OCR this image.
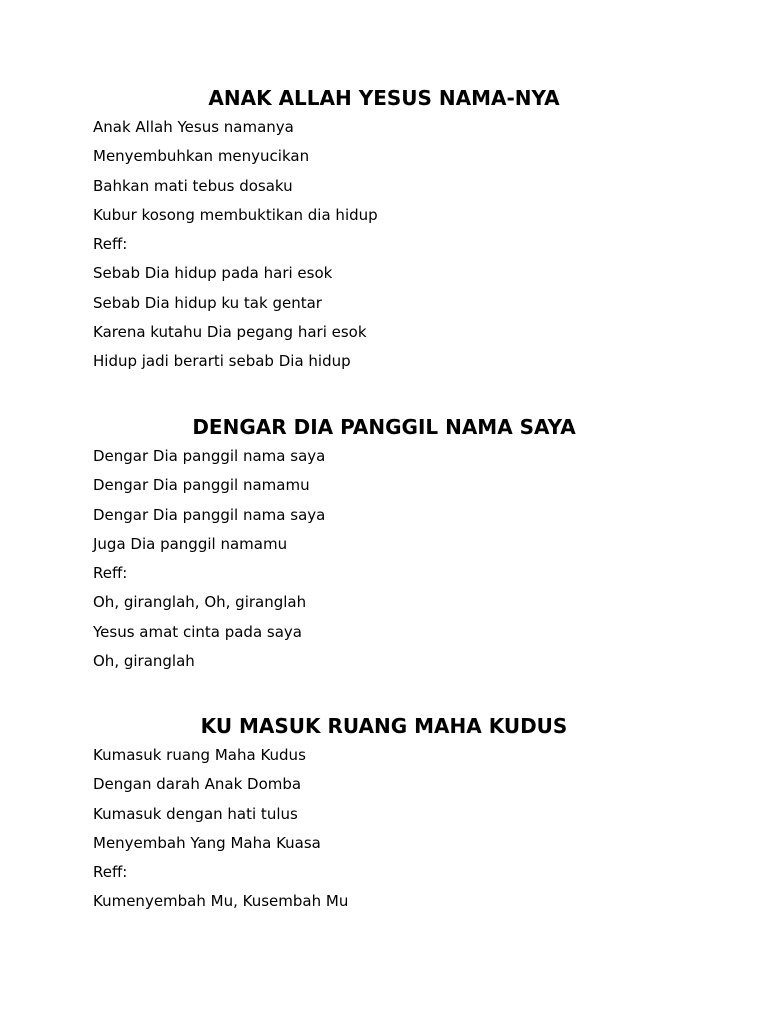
ANAK ALLAH YESUS NAMA-NYA
Anak Allah Yesus namanya
Menyembuhkan menyucikan
Bahkan mati tebus dosaku
Kubur kosong membuktikan dia hidup
Reff:
Sebab Dia hidup pada hari esok
Sebab Dia hidup ku tak gentar
Karena kutahu Dia pegang hari esok
Hidup jadi berarti sebab Dia hidup
DENGAR DIA PANGGIL NAMA SAYA
Dengar Dia panggil nama saya
Dengar Dia panggil namamu
Dengar Dia panggil nama saya
Juga Dia panggil namamu
Reff:
Oh, giranglah, Oh, giranglah
Yesus amat cinta pada saya
Oh, giranglah
KU MASUK RUANG MAHA KUDUS
Kumasuk ruang Maha Kudus
Dengan darah Anak Domba
Kumasuk dengan hati tulus
Menyembah Yang Maha Kuasa
Reff:
Kumenyembah Mu, Kusembah Mu
